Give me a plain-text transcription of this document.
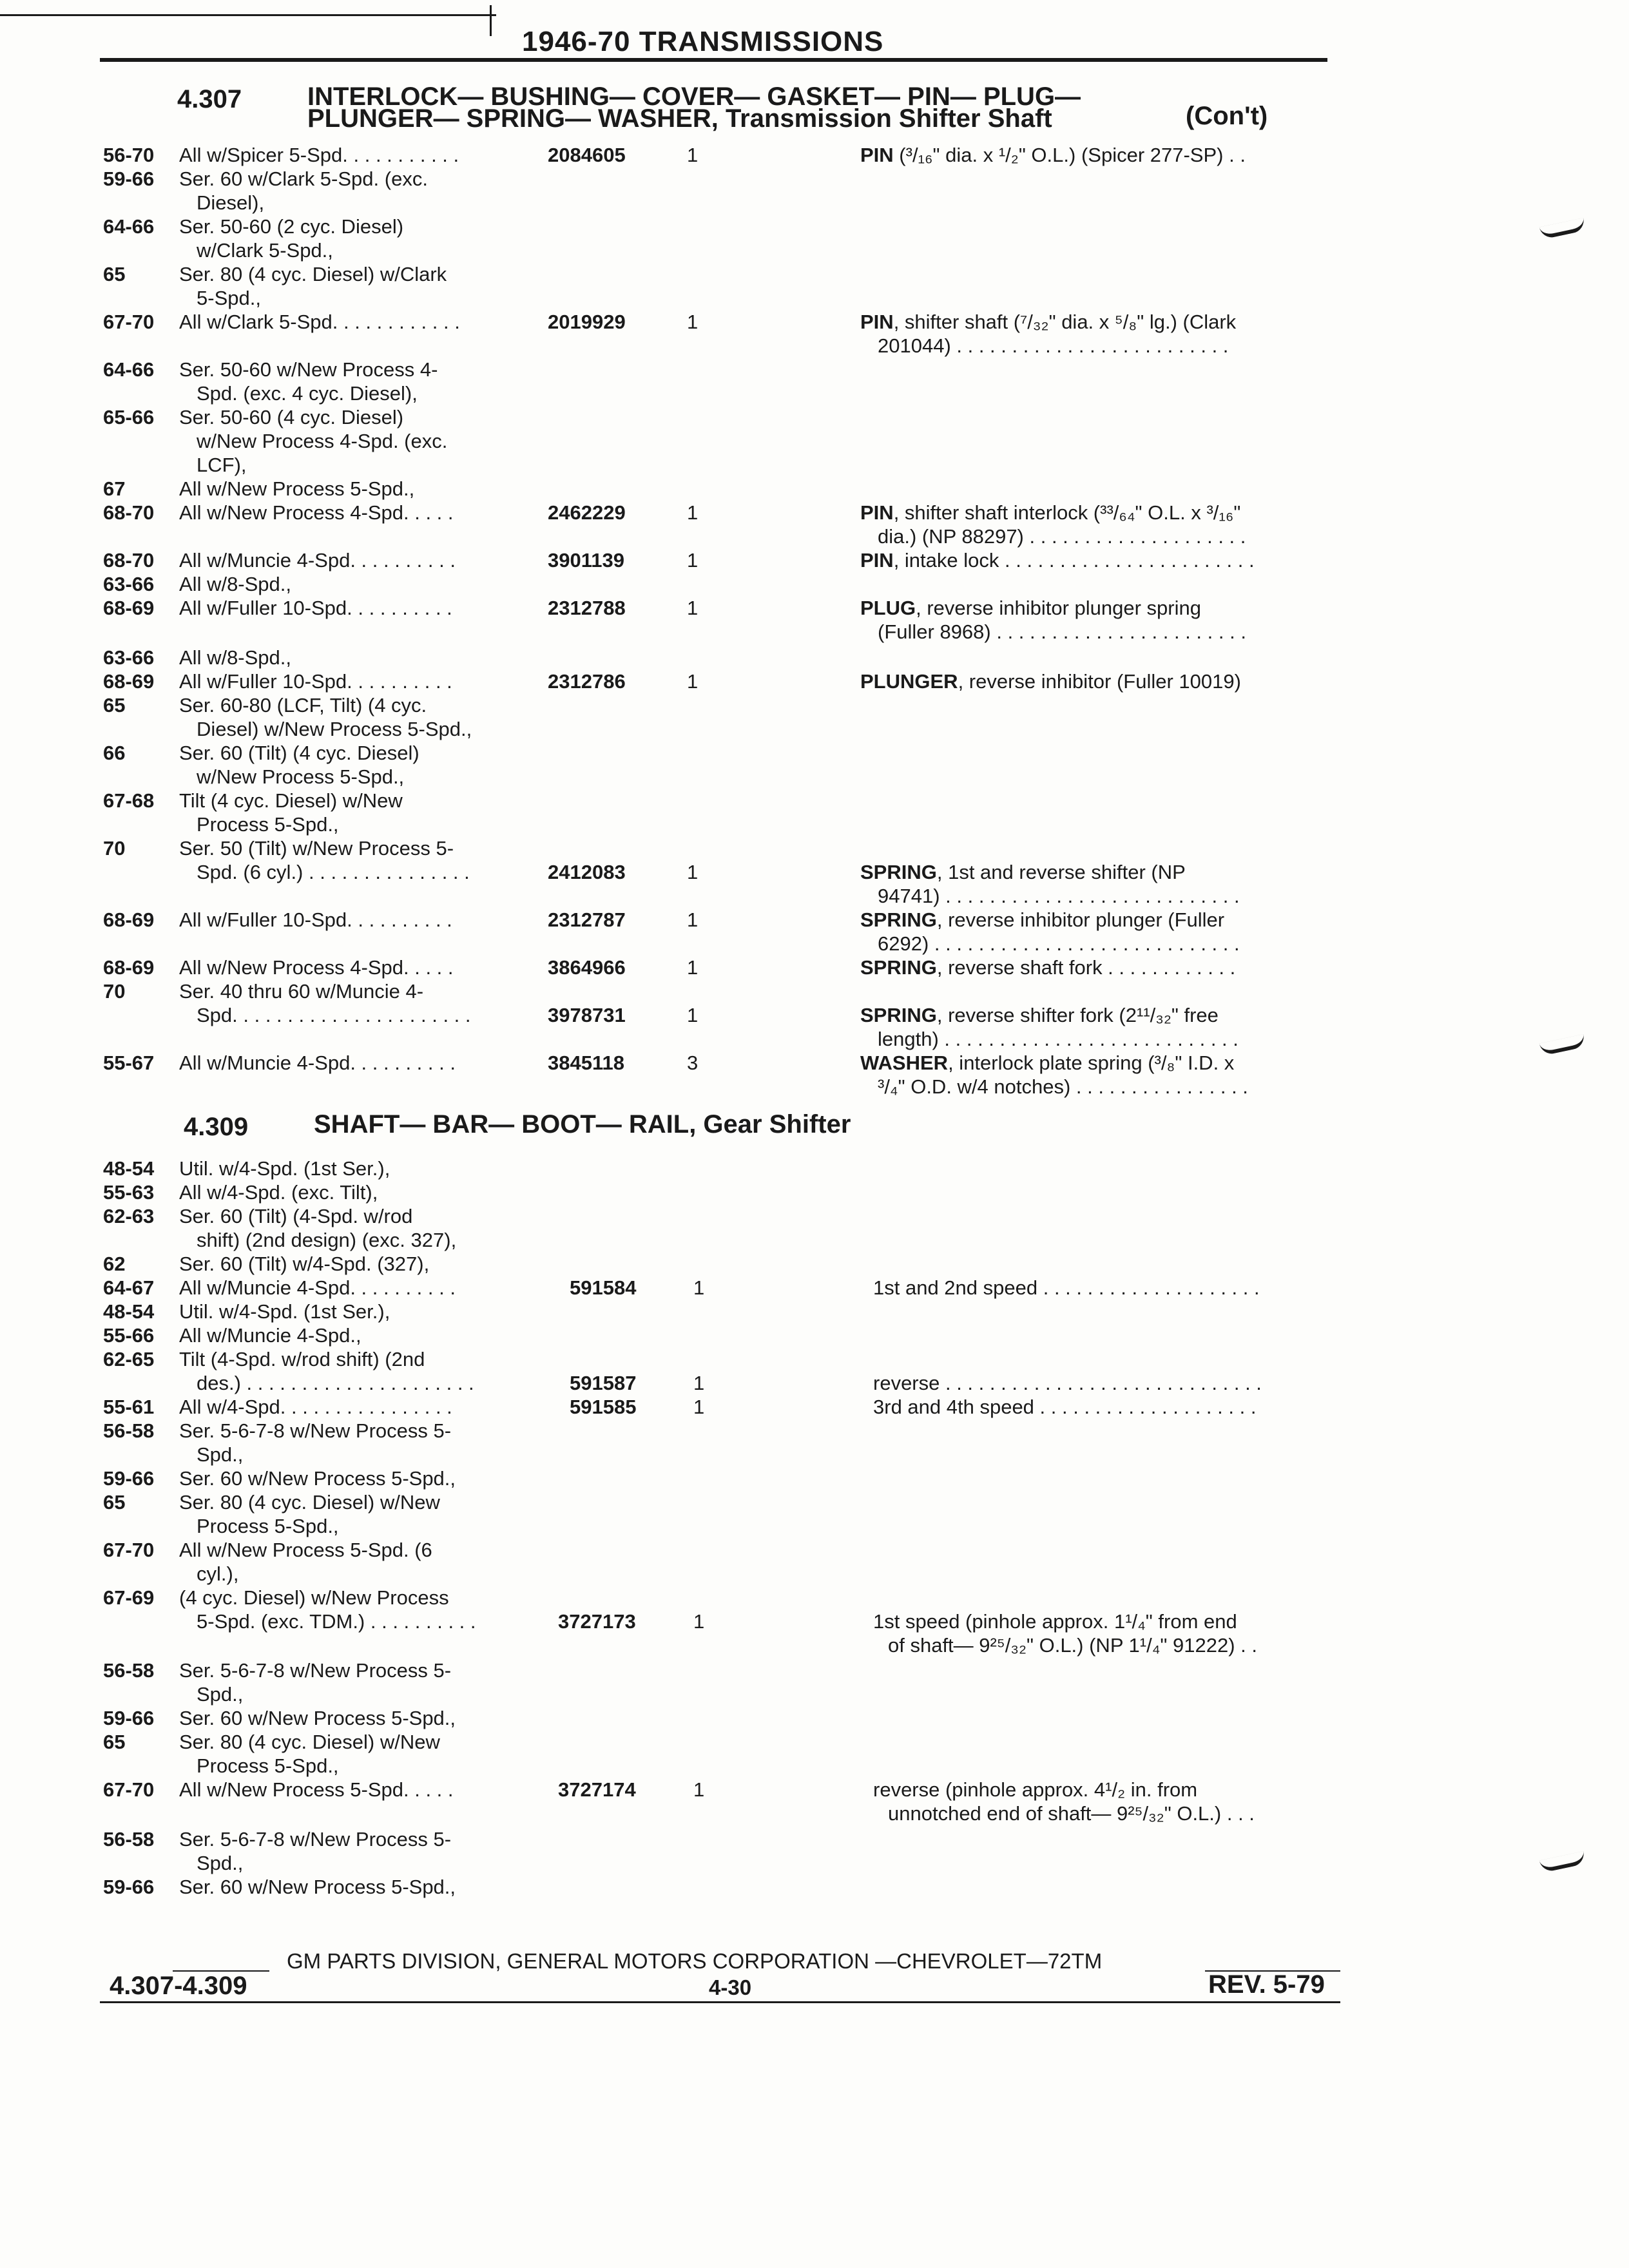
1946-70 TRANSMISSIONS
4.307	INTERLOCK— BUSHING— COVER— GASKET— PIN— PLUG—
PLUNGER— SPRING— WASHER, Transmission Shifter Shaft	(Con't)
4.309	SHAFT— BAR— BOOT— RAIL, Gear Shifter
56-70 All w/Spicer 5-Spd. . . . . . . . . . .	2084605	1	PIN (³/₁₆" dia. x ¹/₂" O.L.) (Spicer 277-SP) . .
59-66 Ser. 60 w/Clark 5-Spd. (exc.
Diesel),
64-66 Ser. 50-60 (2 cyc. Diesel)
w/Clark 5-Spd.,
65	Ser. 80 (4 cyc. Diesel) w/Clark
5-Spd.,
67-70 All w/Clark 5-Spd. . . . . . . . . . . .	2019929	1	PIN, shifter shaft (⁷/₃₂" dia. x ⁵/₈" lg.) (Clark
201044) . . . . . . . . . . . . . . . . . . . . . . . . .
64-66 Ser. 50-60 w/New Process 4-
Spd. (exc. 4 cyc. Diesel),
65-66 Ser. 50-60 (4 cyc. Diesel)
w/New Process 4-Spd. (exc.
LCF),
67	All w/New Process 5-Spd.,
68-70 All w/New Process 4-Spd. . . . .	2462229	1	PIN, shifter shaft interlock (³³/₆₄" O.L. x ³/₁₆"
dia.) (NP 88297) . . . . . . . . . . . . . . . . . . . .
68-70 All w/Muncie 4-Spd. . . . . . . . . .	3901139	1	PIN, intake lock . . . . . . . . . . . . . . . . . . . . . . .
63-66 All w/8-Spd.,
68-69 All w/Fuller 10-Spd. . . . . . . . . .	2312788	1	PLUG, reverse inhibitor plunger spring
(Fuller 8968) . . . . . . . . . . . . . . . . . . . . . . .
63-66 All w/8-Spd.,
68-69 All w/Fuller 10-Spd. . . . . . . . . .	2312786	1	PLUNGER, reverse inhibitor (Fuller 10019)
65	Ser. 60-80 (LCF, Tilt) (4 cyc.
Diesel) w/New Process 5-Spd.,
66	Ser. 60 (Tilt) (4 cyc. Diesel)
w/New Process 5-Spd.,
67-68 Tilt (4 cyc. Diesel) w/New
Process 5-Spd.,
70	Ser. 50 (Tilt) w/New Process 5-
Spd. (6 cyl.) . . . . . . . . . . . . . . .	2412083	1	SPRING, 1st and reverse shifter (NP
94741) . . . . . . . . . . . . . . . . . . . . . . . . . . .
68-69 All w/Fuller 10-Spd. . . . . . . . . .	2312787	1	SPRING, reverse inhibitor plunger (Fuller
6292) . . . . . . . . . . . . . . . . . . . . . . . . . . . .
68-69 All w/New Process 4-Spd. . . . .	3864966	1	SPRING, reverse shaft fork . . . . . . . . . . . .
70	Ser. 40 thru 60 w/Muncie 4-
Spd. . . . . . . . . . . . . . . . . . . . . .	3978731	1	SPRING, reverse shifter fork (2¹¹/₃₂" free
length) . . . . . . . . . . . . . . . . . . . . . . . . . . .
55-67 All w/Muncie 4-Spd. . . . . . . . . .	3845118	3	WASHER, interlock plate spring (³/₈" I.D. x
³/₄" O.D. w/4 notches) . . . . . . . . . . . . . . . .
48-54 Util. w/4-Spd. (1st Ser.),
55-63 All w/4-Spd. (exc. Tilt),
62-63 Ser. 60 (Tilt) (4-Spd. w/rod
shift) (2nd design) (exc. 327),
62	Ser. 60 (Tilt) w/4-Spd. (327),
64-67 All w/Muncie 4-Spd. . . . . . . . . .	591584	1	1st and 2nd speed . . . . . . . . . . . . . . . . . . . .
48-54 Util. w/4-Spd. (1st Ser.),
55-66 All w/Muncie 4-Spd.,
62-65 Tilt (4-Spd. w/rod shift) (2nd
des.) . . . . . . . . . . . . . . . . . . . . .	591587	1	reverse . . . . . . . . . . . . . . . . . . . . . . . . . . . . .
55-61 All w/4-Spd. . . . . . . . . . . . . . . .	591585	1	3rd and 4th speed . . . . . . . . . . . . . . . . . . . .
56-58 Ser. 5-6-7-8 w/New Process 5-
Spd.,
59-66 Ser. 60 w/New Process 5-Spd.,
65	Ser. 80 (4 cyc. Diesel) w/New
Process 5-Spd.,
67-70 All w/New Process 5-Spd. (6
cyl.),
67-69 (4 cyc. Diesel) w/New Process
5-Spd. (exc. TDM.) . . . . . . . . . .	3727173	1	1st speed (pinhole approx. 1¹/₄" from end
of shaft— 9²⁵/₃₂" O.L.) (NP 1¹/₄" 91222) . .
56-58 Ser. 5-6-7-8 w/New Process 5-
Spd.,
59-66 Ser. 60 w/New Process 5-Spd.,
65	Ser. 80 (4 cyc. Diesel) w/New
Process 5-Spd.,
67-70 All w/New Process 5-Spd. . . . .	3727174	1	reverse (pinhole approx. 4¹/₂ in. from
unnotched end of shaft— 9²⁵/₃₂" O.L.) . . .
56-58 Ser. 5-6-7-8 w/New Process 5-
Spd.,
59-66 Ser. 60 w/New Process 5-Spd.,
GM PARTS DIVISION, GENERAL MOTORS CORPORATION —CHEVROLET—72TM
4.307-4.309	4-30	REV. 5-79
